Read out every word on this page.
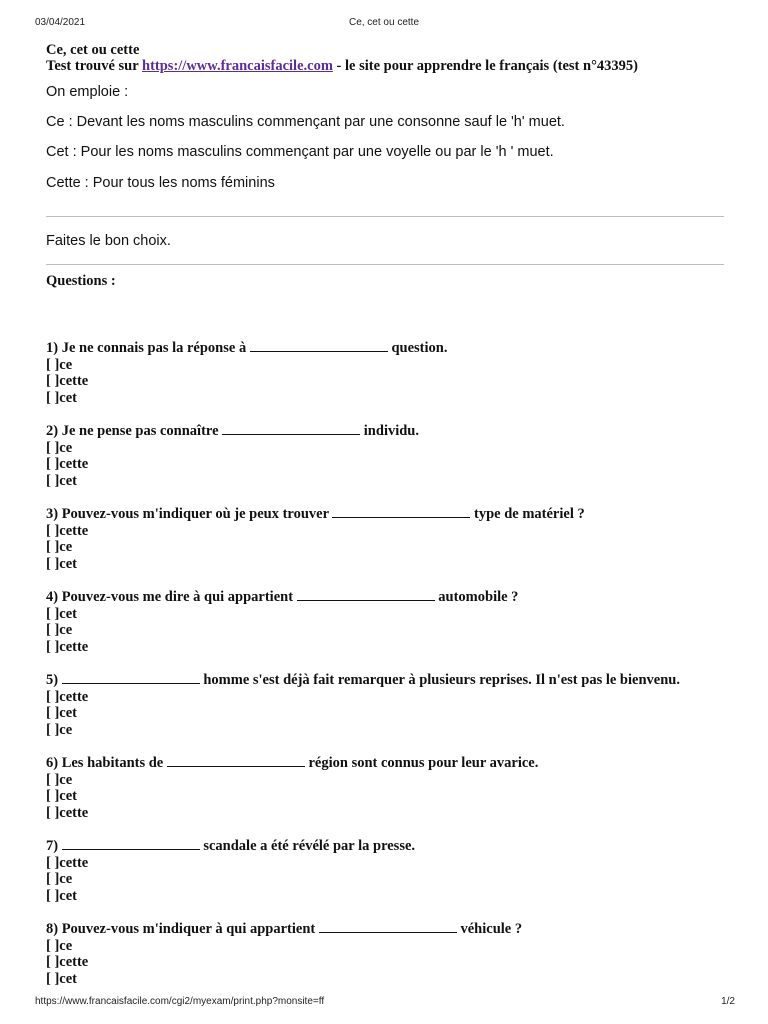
03/04/2021	Ce, cet ou cette
Ce, cet ou cette
Test trouvé sur https://www.francaisfacile.com - le site pour apprendre le français (test n°43395)
On emploie :
Ce : Devant les noms masculins commençant par une consonne sauf le 'h' muet.
Cet : Pour les noms masculins commençant par une voyelle ou par le 'h ' muet.
Cette : Pour tous les noms féminins
Faites le bon choix.
Questions :
1) Je ne connais pas la réponse à	question.
[ ]ce
[ ]cette
[ ]cet
2) Je ne pense pas connaître	individu.
[ ]ce
[ ]cette
[ ]cet
3) Pouvez-vous m'indiquer où je peux trouver	type de matériel ?
[ ]cette
[ ]ce
[ ]cet
4) Pouvez-vous me dire à qui appartient	automobile ?
[ ]cet
[ ]ce
[ ]cette
5)	homme s'est déjà fait remarquer à plusieurs reprises. Il n'est pas le bienvenu.
[ ]cette
[ ]cet
[ ]ce
6) Les habitants de	région sont connus pour leur avarice.
[ ]ce
[ ]cet
[ ]cette
7)	scandale a été révélé par la presse.
[ ]cette
[ ]ce
[ ]cet
8) Pouvez-vous m'indiquer à qui appartient	véhicule ?
[ ]ce
[ ]cette
[ ]cet
https://www.francaisfacile.com/cgi2/myexam/print.php?monsite=ff	1/2
